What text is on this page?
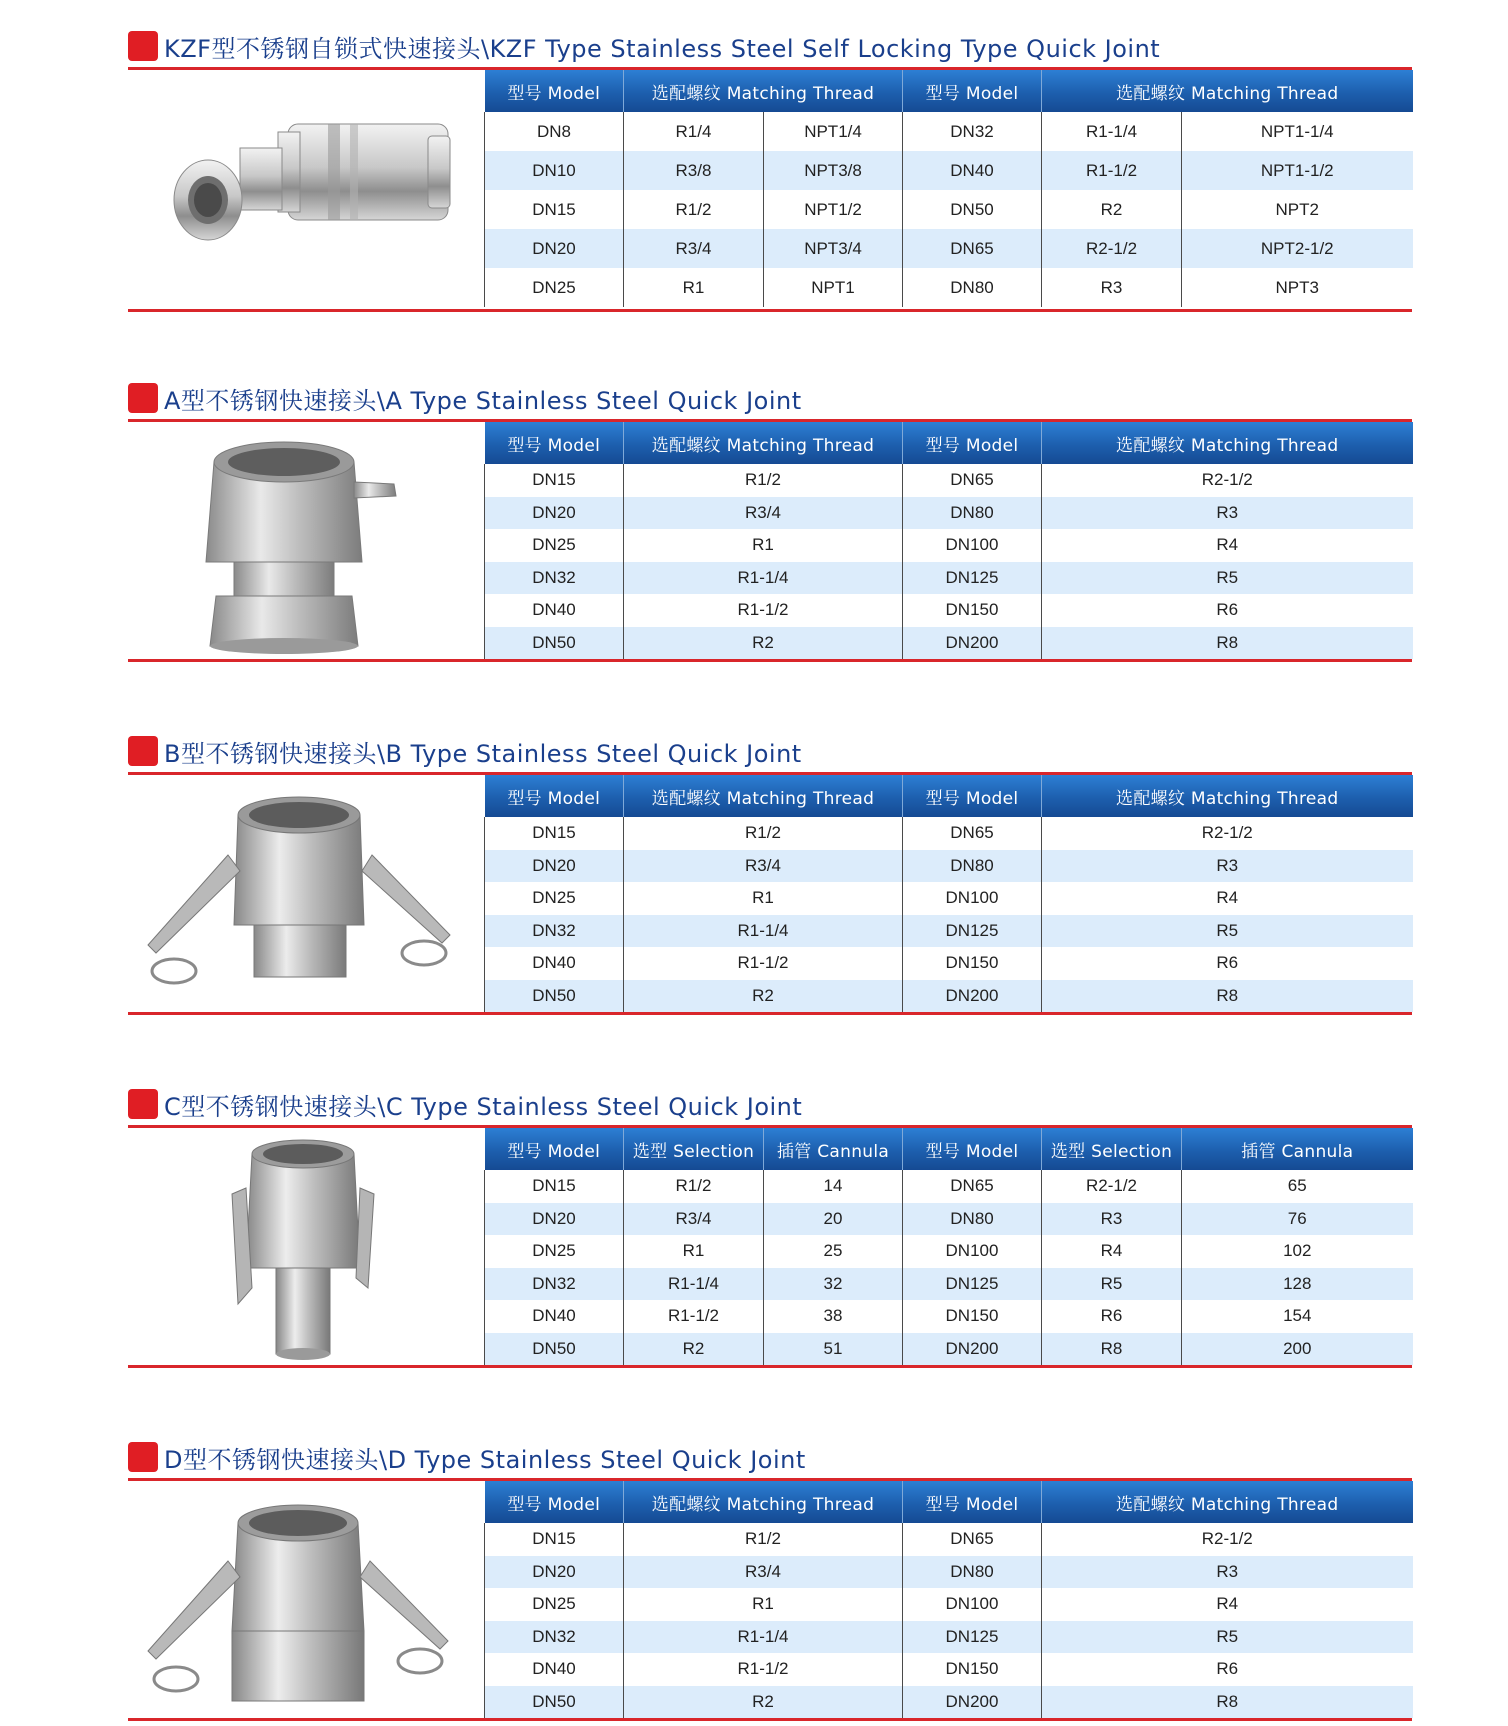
KZF型不锈钢自锁式快速接头\KZF Type Stainless Steel Self Locking Type Quick Joint
型号 Model	选配螺纹 Matching Thread		型号 Model	选配螺纹 Matching Thread	
DN8	R1/4	NPT1/4	DN32	R1-1/4	NPT1-1/4
DN10	R3/8	NPT3/8	DN40	R1-1/2	NPT1-1/2
DN15	R1/2	NPT1/2	DN50	R2	NPT2
DN20	R3/4	NPT3/4	DN65	R2-1/2	NPT2-1/2
DN25	R1	NPT1	DN80	R3	NPT3
A型不锈钢快速接头\A Type Stainless Steel Quick Joint
型号 Model	选配螺纹 Matching Thread	型号 Model	选配螺纹 Matching Thread
DN15	R1/2	DN65	R2-1/2
DN20	R3/4	DN80	R3
DN25	R1	DN100	R4
DN32	R1-1/4	DN125	R5
DN40	R1-1/2	DN150	R6
DN50	R2	DN200	R8
B型不锈钢快速接头\B Type Stainless Steel Quick Joint
型号 Model	选配螺纹 Matching Thread	型号 Model	选配螺纹 Matching Thread
DN15	R1/2	DN65	R2-1/2
DN20	R3/4	DN80	R3
DN25	R1	DN100	R4
DN32	R1-1/4	DN125	R5
DN40	R1-1/2	DN150	R6
DN50	R2	DN200	R8
C型不锈钢快速接头\C Type Stainless Steel Quick Joint
型号 Model	选型 Selection	插管 Cannula	型号 Model	选型 Selection	插管 Cannula
DN15	R1/2	14	DN65	R2-1/2	65
DN20	R3/4	20	DN80	R3	76
DN25	R1	25	DN100	R4	102
DN32	R1-1/4	32	DN125	R5	128
DN40	R1-1/2	38	DN150	R6	154
DN50	R2	51	DN200	R8	200
D型不锈钢快速接头\D Type Stainless Steel Quick Joint
型号 Model	选配螺纹 Matching Thread	型号 Model	选配螺纹 Matching Thread
DN15	R1/2	DN65	R2-1/2
DN20	R3/4	DN80	R3
DN25	R1	DN100	R4
DN32	R1-1/4	DN125	R5
DN40	R1-1/2	DN150	R6
DN50	R2	DN200	R8
